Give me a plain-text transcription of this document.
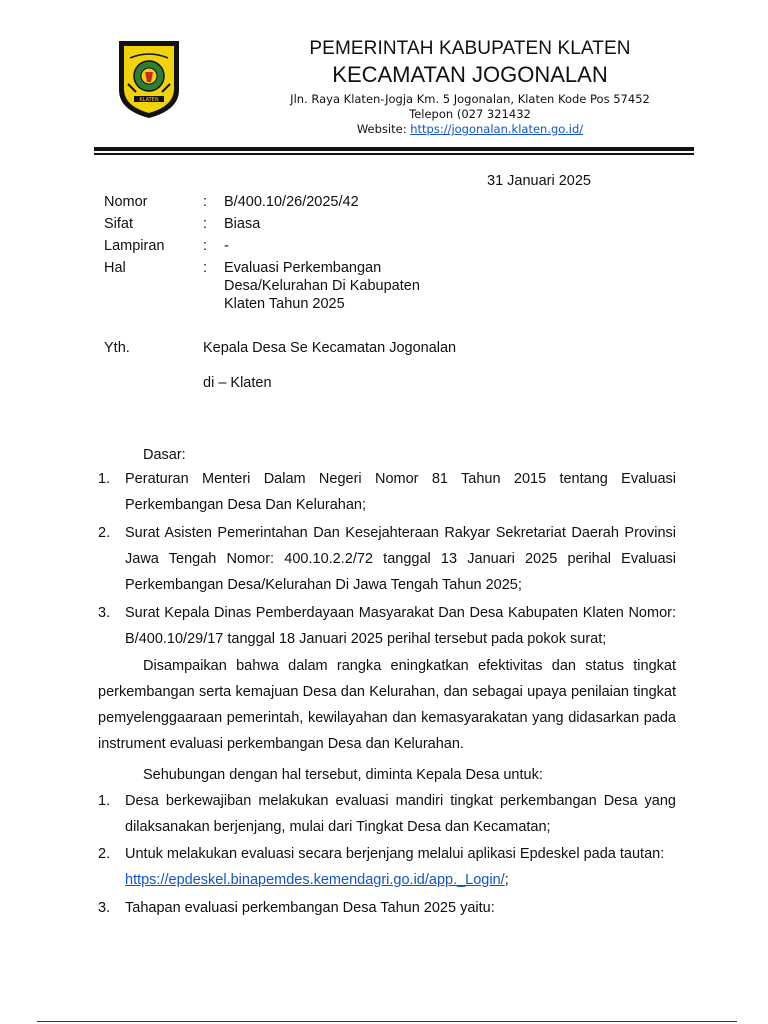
KLATEN
PEMERINTAH KABUPATEN KLATEN
KECAMATAN JOGONALAN
Jln. Raya Klaten-Jogja Km. 5 Jogonalan, Klaten Kode Pos 57452
Telepon (027 321432
Website: https://jogonalan.klaten.go.id/
31 Januari 2025
Nomor	: B/400.10/26/2025/42
Sifat	: Biasa
Lampiran	: -
Hal	: Evaluasi Perkembangan
Desa/Kelurahan Di Kabupaten
Klaten Tahun 2025
Yth.	Kepala Desa Se Kecamatan Jogonalan
di – Klaten
Dasar:
1.	Peraturan Menteri Dalam Negeri Nomor 81 Tahun 2015 tentang Evaluasi Perkembangan Desa Dan Kelurahan;
2.	Surat Asisten Pemerintahan Dan Kesejahteraan Rakyar Sekretariat Daerah Provinsi Jawa Tengah Nomor: 400.10.2.2/72 tanggal 13 Januari 2025 perihal Evaluasi Perkembangan Desa/Kelurahan Di Jawa Tengah Tahun 2025;
3.	Surat Kepala Dinas Pemberdayaan Masyarakat Dan Desa Kabupaten Klaten Nomor: B/400.10/29/17 tanggal 18 Januari 2025 perihal tersebut pada pokok surat;
Disampaikan bahwa dalam rangka eningkatkan efektivitas dan status tingkat perkembangan serta kemajuan Desa dan Kelurahan, dan sebagai upaya penilaian tingkat pemyelenggaaraan pemerintah, kewilayahan dan kemasyarakatan yang didasarkan pada instrument evaluasi perkembangan Desa dan Kelurahan.
Sehubungan dengan hal tersebut, diminta Kepala Desa untuk:
1.	Desa berkewajiban melakukan evaluasi mandiri tingkat perkembangan Desa yang dilaksanakan berjenjang, mulai dari Tingkat Desa dan Kecamatan;
2.	Untuk melakukan evaluasi secara berjenjang melalui aplikasi Epdeskel pada tautan:
https://epdeskel.binapemdes.kemendagri.go.id/app._Login/;
3.	Tahapan evaluasi perkembangan Desa Tahun 2025 yaitu:
